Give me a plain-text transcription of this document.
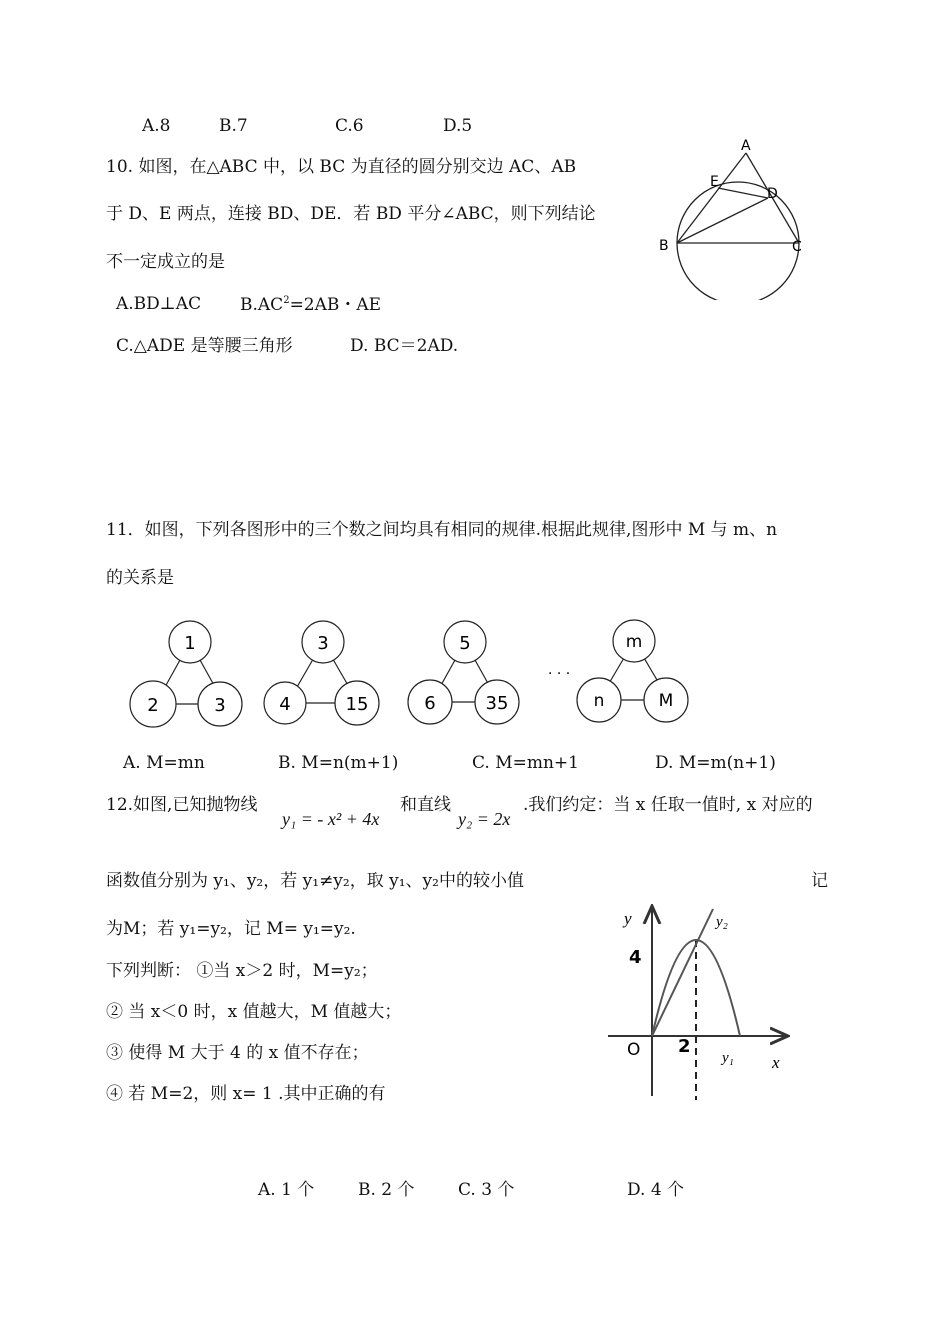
A.8	B.7	C.6	D.5
10. 如图，在△ABC 中，以 BC 为直径的圆分别交边 AC、AB
于 D、E 两点，连接 BD、DE．若 BD 平分∠ABC，则下列结论
不一定成立的是
A.BD⊥AC $B.AC^2=2AB$・AE
C.△ADE 是等腰三角形	D. BC＝2AD.
A
E
D
B	C
11．如图，下列各图形中的三个数之间均具有相同的规律.根据此规律,图形中 M 与 m、n
的关系是
1
2	3
3
4	15
5
6	35
· · ·
m
n	M
A. M=mn	B. M=n(m+1)	C. M=mn+1	D. M=m(n+1)
12.如图,已知抛物线
y₁ = - x² + 4x
和直线
y₂ = 2x
.我们约定：当 x 任取一值时, x 对应的
函数值分别为 y₁、y₂，若 y₁≠y₂，取 y₁、y₂中的较小值	记
为M；若 y₁=y₂，记 M= y₁=y₂.
下列判断： ①当 x＞2 时，M=y₂；
② 当 x＜0 时，x 值越大，M 值越大；
③ 使得 M 大于 4 的 x 值不存在；
④ 若 M=2，则 x= 1 .其中正确的有
y
x
O 2
4
y₁
y₂
A. 1 个	B. 2 个	C. 3 个	D. 4 个
